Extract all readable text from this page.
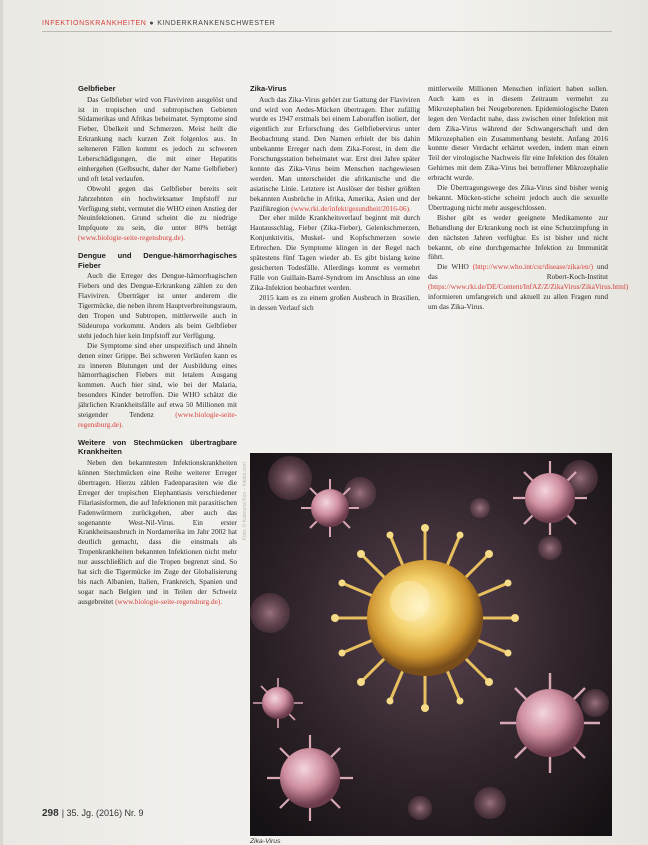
INFEKTIONSKRANKHEITEN ● KINDERKRANKENSCHWESTER
Gelbfieber

Das Gelbfieber wird von Flaviviren ausgelöst und ist in tropischen und subtropischen Gebieten Südamerikas und Afrikas beheimatet. Symptome sind Fieber, Übelkeit und Schmerzen. Meist heilt die Erkrankung nach kurzen Zeit folgenlos aus. In selteneren Fällen kommt es jedoch zu schweren Leberschädigungen, die mit einer Hepatitis einhergehen (Gelbsucht, daher der Name Gelbfieber) und oft letal verlaufen.

Obwohl gegen das Gelbfieber bereits seit Jahrzehnten ein hochwirksamer Impfstoff zur Verfügung steht, vermutet die WHO einen Anstieg der Neuinfektionen. Grund scheint die zu niedrige Impfquote zu sein, die unter 80% beträgt (www.biologie-seite-regensburg.de).

Dengue und Dengue-hämorrhagisches Fieber

Auch die Erreger des Dengue-hämorrhagischen Fiebers und des Dengue-Erkrankung zählen zu den Flaviviren. Überträger ist unter anderem die Tigermücke, die neben ihrem Hauptverbreitungsraum, den Tropen und Subtropen, mittlerweile auch in Südeuropa vorkommt. Anders als beim Gelbfieber steht jedoch hier kein Impfstoff zur Verfügung.

Die Symptome sind eher unspezifisch und ähneln denen einer Grippe. Bei schweren Verläufen kann es zu inneren Blutungen und der Ausbildung eines hämorrhagischen Fiebers mit letalem Ausgang kommen. Auch hier sind, wie bei der Malaria, besonders Kinder betroffen. Die WHO schätzt die jährlichen Krankheitsfälle auf etwa 50 Millionen mit steigender Tendenz	(www.biologie-seite-regensburg.de).

Weitere von Stechmücken übertragbare Krankheiten

Neben den bekanntesten Infektionskrankheiten können Stechmücken eine Reihe weiterer Erreger übertragen. Hierzu zählen Fadenparasiten wie die Erreger der tropischen Elephantiasis verschiedener Filariasisformen, die auf Infektionen mit parasitischen Fadenwürmern zurückgehen, aber auch das sogenannte West-Nil-Virus. Ein erster Krankheitsausbruch in Nordamerika im Jahr 2002 hat deutlich gemacht, dass die einstmals als Tropenkrankheiten bekannten Infektionen nicht mehr nur ausschließlich auf die Tropen begrenzt sind. So hat sich die Tigermücke im Zuge der Globalisierung bis nach Albanien, Italien, Frankreich, Spanien und sogar nach Belgien und in Teilen der Schweiz ausgebreitet (www.biologie-seite-regensburg.de).

Zika-Virus

Auch das Zika-Virus gehört zur Gattung der Flaviviren und wird von Aedes-Mücken übertragen. Eher zufällig wurde es 1947 erstmals bei einem Laboraffen isoliert, der eigentlich zur Erforschung des Gelbfiebervirus unter Beobachtung stand. Den Namen erhielt der bis dahin unbekannte Erreger nach dem Zika-Forest, in dem die Forschungsstation beheimatet war. Erst drei Jahre später konnte das Zika-Virus beim Menschen nachgewiesen werden. Man unterscheidet die afrikanische und die asiatische Linie. Letztere ist Auslöser der bisher größten bekannten Ausbrüche in Afrika, Amerika, Asien und der Pazifikregion (www.rki.de/infekt/gesundheit/2016-06).

Der eher milde Krankheitsverlauf beginnt mit durch Hautausschlag, Fieber (Zika-Fieber), Gelenkschmerzen, Konjunktivitis, Muskel- und Kopfschmerzen sowie Erbrechen. Die Symptome klingen in der Regel nach spätestens fünf Tagen wieder ab. Es gibt bislang keine gesicherten Todesfälle. Allerdings kommt es vermehrt Fälle von Guillain-Barré-Syndrom im Anschluss an eine Zika-Infektion beobachtet werden.

2015 kam es zu einem großen Ausbruch in Brasilien, in dessen Verlauf sich

mittlerweile Millionen Menschen infiziert haben sollen. Auch kam es in diesem Zeitraum vermehrt zu Mikrozephalien bei Neugeborenen. Epidemiologische Daten legen den Verdacht nahe, dass zwischen einer Infektion mit dem Zika-Virus während der Schwangerschaft und den Mikrozephalien ein Zusammenhang besteht. Anfang 2016 konnte dieser Verdacht erhärtet werden, indem man einen Teil der virologische Nachweis für eine Infektion des fötalen Gehirnes mit dem Zika-Virus bei betroffener Mikrozephalie erbracht wurde.

Die Übertragungswege des Zika-Virus sind bisher wenig bekannt. Mücken-stiche scheint jedoch auch die sexuelle Übertragung nicht mehr ausgeschlossen.

Bisher gibt es weder geeignete Medikamente zur Behandlung der Erkrankung noch ist eine Schutzimpfung in den nächsten Jahren verfügbar. Es ist bisher und nicht bekannt, ob eine durchgemachte Infektion zu Immunität führt.

Die WHO (http://www.who.int/csr/disease/zika/en/) und das Robert-Koch-Institut (https://www.rki.de/DE/Content/InfAZ/Z/ZikaVirus/ZikaVirus.html) informieren umfangreich und aktuell zu allen Fragen rund um das Zika-Virus.

Foto: © Kateryna Kon – fotolia.com
Zika-Virus
298 | 35. Jg. (2016) Nr. 9
